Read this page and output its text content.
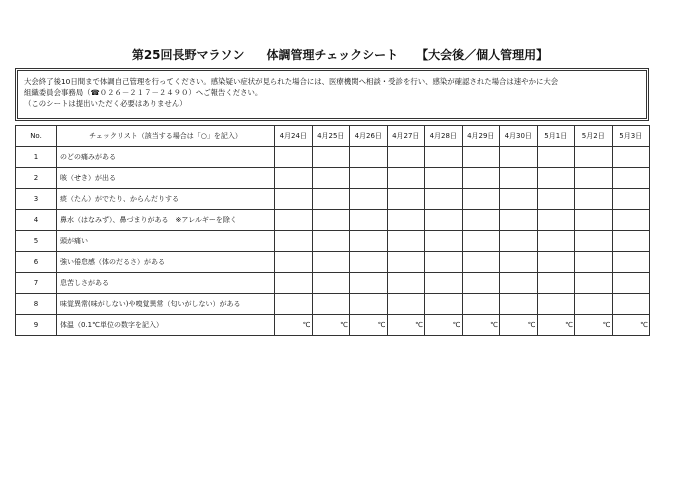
第25回長野マラソン 体調管理チェックシート 【大会後／個人管理用】
大会終了後10日間まで体調自己管理を行ってください。感染疑い症状が見られた場合には、医療機関へ相談・受診を行い、感染が確認された場合は速やかに大会
組織委員会事務局（☎０２６－２１７－２４９０）へご報告ください。
（このシートは提出いただく必要はありません）
No.	チェックリスト（該当する場合は「○」を記入）	4月24日	4月25日	4月26日	4月27日	4月28日	4月29日	4月30日	5月1日	5月2日	5月3日
1	のどの痛みがある										
2	咳（せき）が出る										
3	痰（たん）がでたり、からんだりする										
4	鼻水（はなみず）、鼻づまりがある　※アレルギーを除く										
5	頭が痛い										
6	強い倦怠感（体のだるさ）がある										
7	息苦しさがある										
8	味覚異常(味がしない)や嗅覚異常（匂いがしない）がある										
9	体温（0.1℃単位の数字を記入）	℃	℃	℃	℃	℃	℃	℃	℃	℃	℃
